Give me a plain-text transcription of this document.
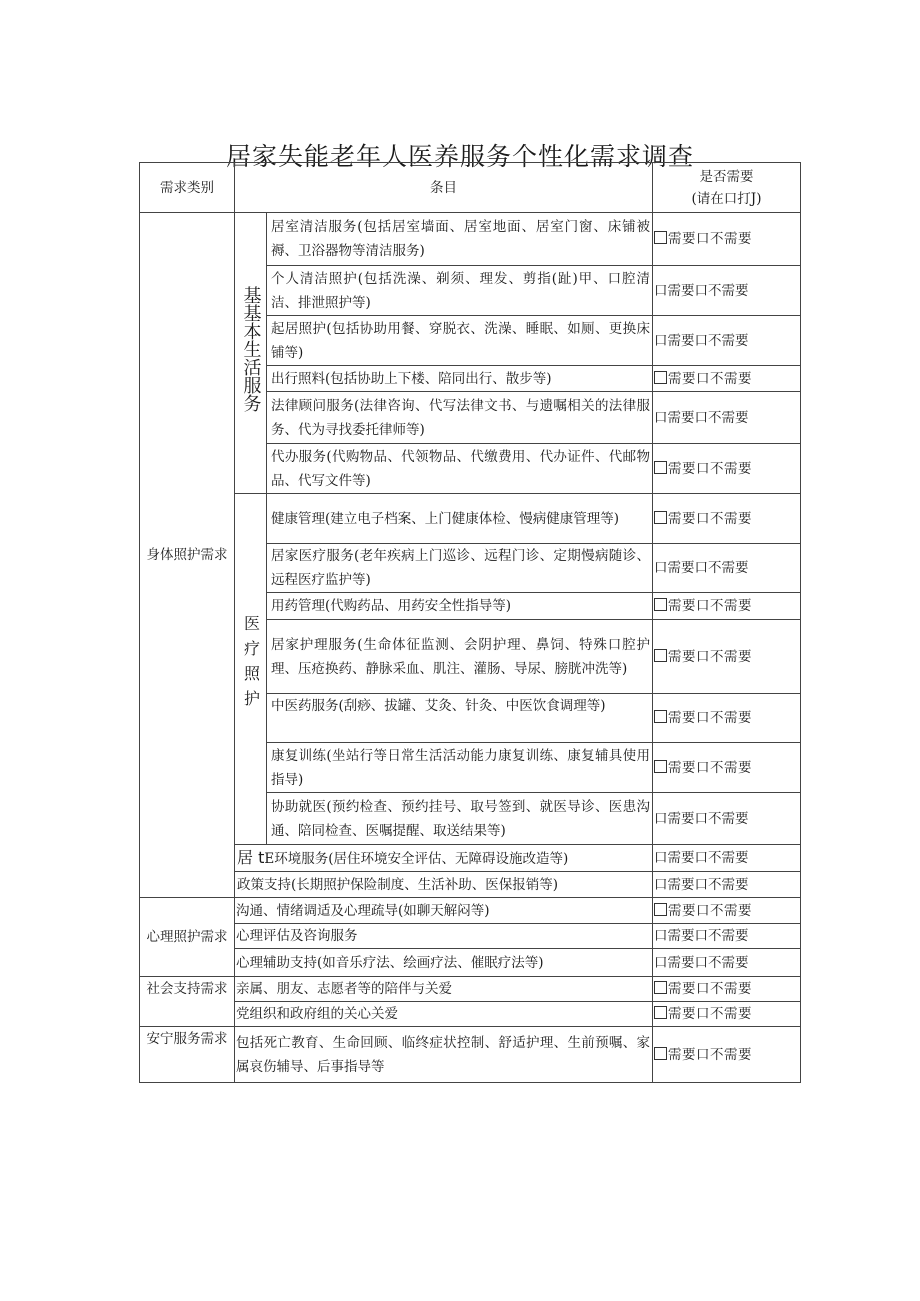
居家失能老年人医养服务个性化需求调查
需求类别	条目		是否需要
(请在口打J)

身体照护需求	基基本生活服务	居室清洁服务(包括居室墙面、居室地面、居室门窗、床铺被褥、卫浴器物等清洁服务)	需要口不需要
		个人清洁照护(包括洗澡、剃须、理发、剪指(趾)甲、口腔清洁、排泄照护等)	口需要口不需要
		起居照护(包括协助用餐、穿脱衣、洗澡、睡眠、如厕、更换床铺等)	口需要口不需要
		出行照料(包括协助上下楼、陪同出行、散步等)	需要口不需要
		法律顾问服务(法律咨询、代写法律文书、与遗嘱相关的法律服务、代为寻找委托律师等)	口需要口不需要
		代办服务(代购物品、代领物品、代缴费用、代办证件、代邮物品、代写文件等)	需要口不需要
	医疗照护	健康管理(建立电子档案、上门健康体检、慢病健康管理等)	需要口不需要
		居家医疗服务(老年疾病上门巡诊、远程门诊、定期慢病随诊、远程医疗监护等)	口需要口不需要
		用药管理(代购药品、用药安全性指导等)	需要口不需要
		居家护理服务(生命体征监测、会阴护理、鼻饲、特殊口腔护理、压疮换药、静脉采血、肌注、灌肠、导尿、膀胱冲洗等)	需要口不需要
		中医药服务(刮痧、拔罐、艾灸、针灸、中医饮食调理等)	需要口不需要
		康复训练(坐站行等日常生活活动能力康复训练、康复辅具使用指导)	需要口不需要
		协助就医(预约检查、预约挂号、取号签到、就医导诊、医患沟通、陪同检查、医嘱提醒、取送结果等)	口需要口不需要
	居 tE环境服务(居住环境安全评估、无障碍设施改造等)		口需要口不需要
	政策支持(长期照护保险制度、生活补助、医保报销等)		口需要口不需要
心理照护需求	沟通、情绪调适及心理疏导(如聊天解闷等)		需要口不需要
	心理评估及咨询服务		口需要口不需要
	心理辅助支持(如音乐疗法、绘画疗法、催眠疗法等)		口需要口不需要
社会支持需求	亲属、朋友、志愿者等的陪伴与关爱		需要口不需要
	党组织和政府组的关心关爱		需要口不需要
安宁服务需求	包括死亡教育、生命回顾、临终症状控制、舒适护理、生前预嘱、家属哀伤辅导、后事指导等		需要口不需要
